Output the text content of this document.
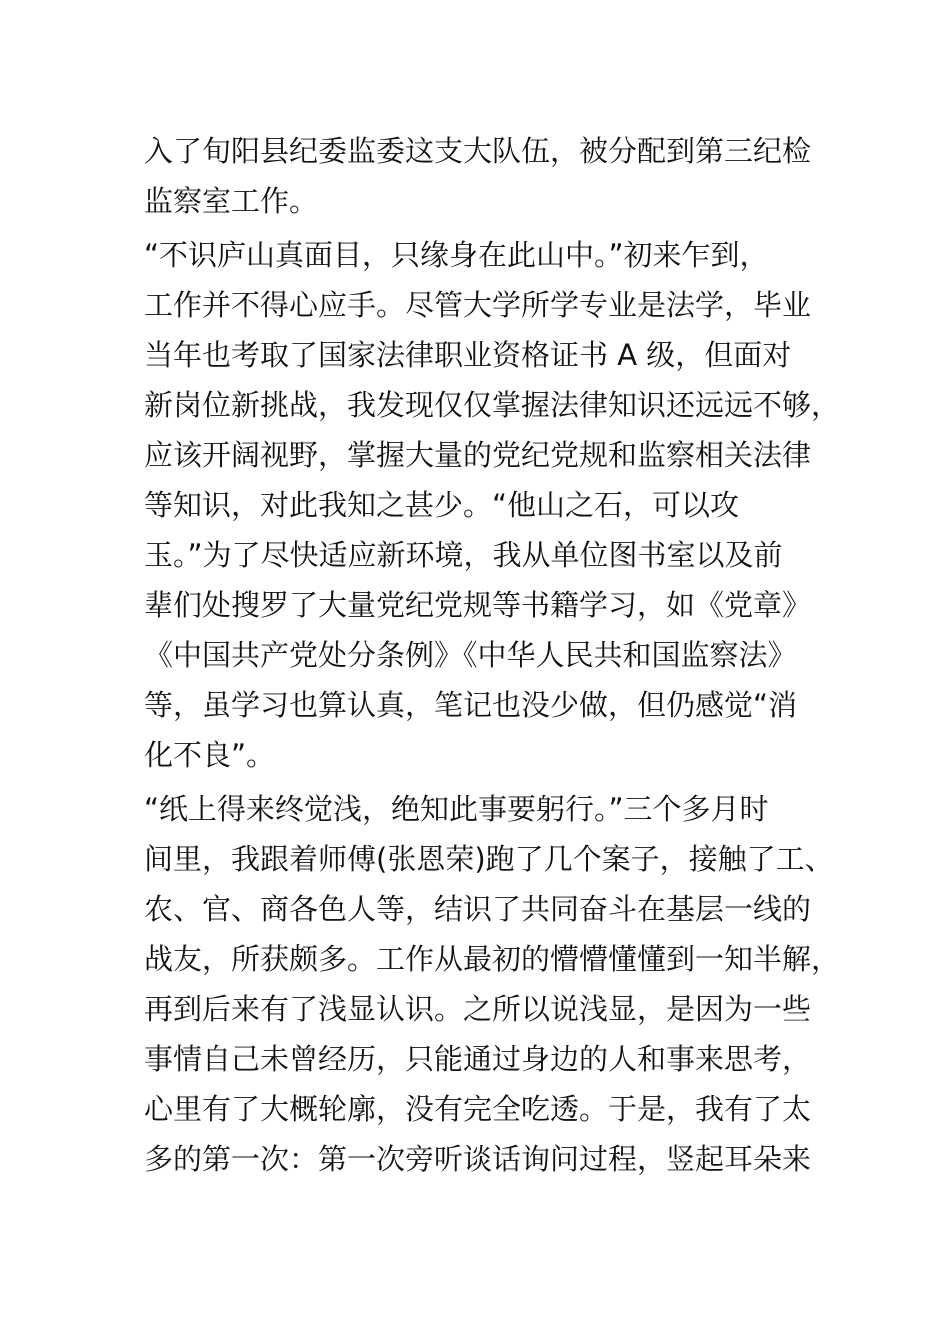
入了旬阳县纪委监委这支大队伍，被分配到第三纪检
监察室工作。
“不识庐山真面目，只缘身在此山中。”初来乍到，
工作并不得心应手。尽管大学所学专业是法学，毕业
当年也考取了国家法律职业资格证书 A 级，但面对
新岗位新挑战，我发现仅仅掌握法律知识还远远不够，
应该开阔视野，掌握大量的党纪党规和监察相关法律
等知识，对此我知之甚少。“他山之石，可以攻
玉。”为了尽快适应新环境，我从单位图书室以及前
辈们处搜罗了大量党纪党规等书籍学习，如《党章》
《中国共产党处分条例》《中华人民共和国监察法》
等，虽学习也算认真，笔记也没少做，但仍感觉“消
化不良”。
“纸上得来终觉浅，绝知此事要躬行。”三个多月时
间里，我跟着师傅(张恩荣)跑了几个案子，接触了工、
农、官、商各色人等，结识了共同奋斗在基层一线的
战友，所获颇多。工作从最初的懵懵懂懂到一知半解，
再到后来有了浅显认识。之所以说浅显，是因为一些
事情自己未曾经历，只能通过身边的人和事来思考，
心里有了大概轮廓，没有完全吃透。于是，我有了太
多的第一次：第一次旁听谈话询问过程，竖起耳朵来
